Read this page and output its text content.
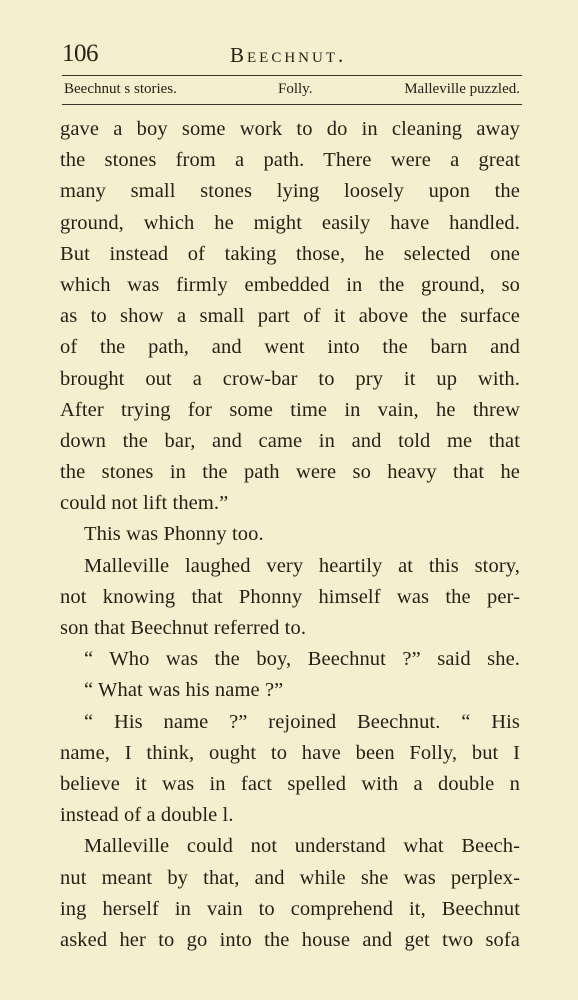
106	Beechnut.
Beechnut s stories.	Folly.	Malleville puzzled.
gave a boy some work to do in cleaning away
the stones from a path. There were a great
many small stones lying loosely upon the
ground, which he might easily have handled.
But instead of taking those, he selected one
which was firmly embedded in the ground, so
as to show a small part of it above the surface
of the path, and went into the barn and
brought out a crow-bar to pry it up with.
After trying for some time in vain, he threw
down the bar, and came in and told me that
the stones in the path were so heavy that he
could not lift them.”
This was Phonny too.
Malleville laughed very heartily at this story,
not knowing that Phonny himself was the per-
son that Beechnut referred to.
“ Who was the boy, Beechnut ?” said she.
“ What was his name ?”
“ His name ?” rejoined Beechnut. “ His
name, I think, ought to have been Folly, but I
believe it was in fact spelled with a double n
instead of a double l.
Malleville could not understand what Beech-
nut meant by that, and while she was perplex-
ing herself in vain to comprehend it, Beechnut
asked her to go into the house and get two sofa
